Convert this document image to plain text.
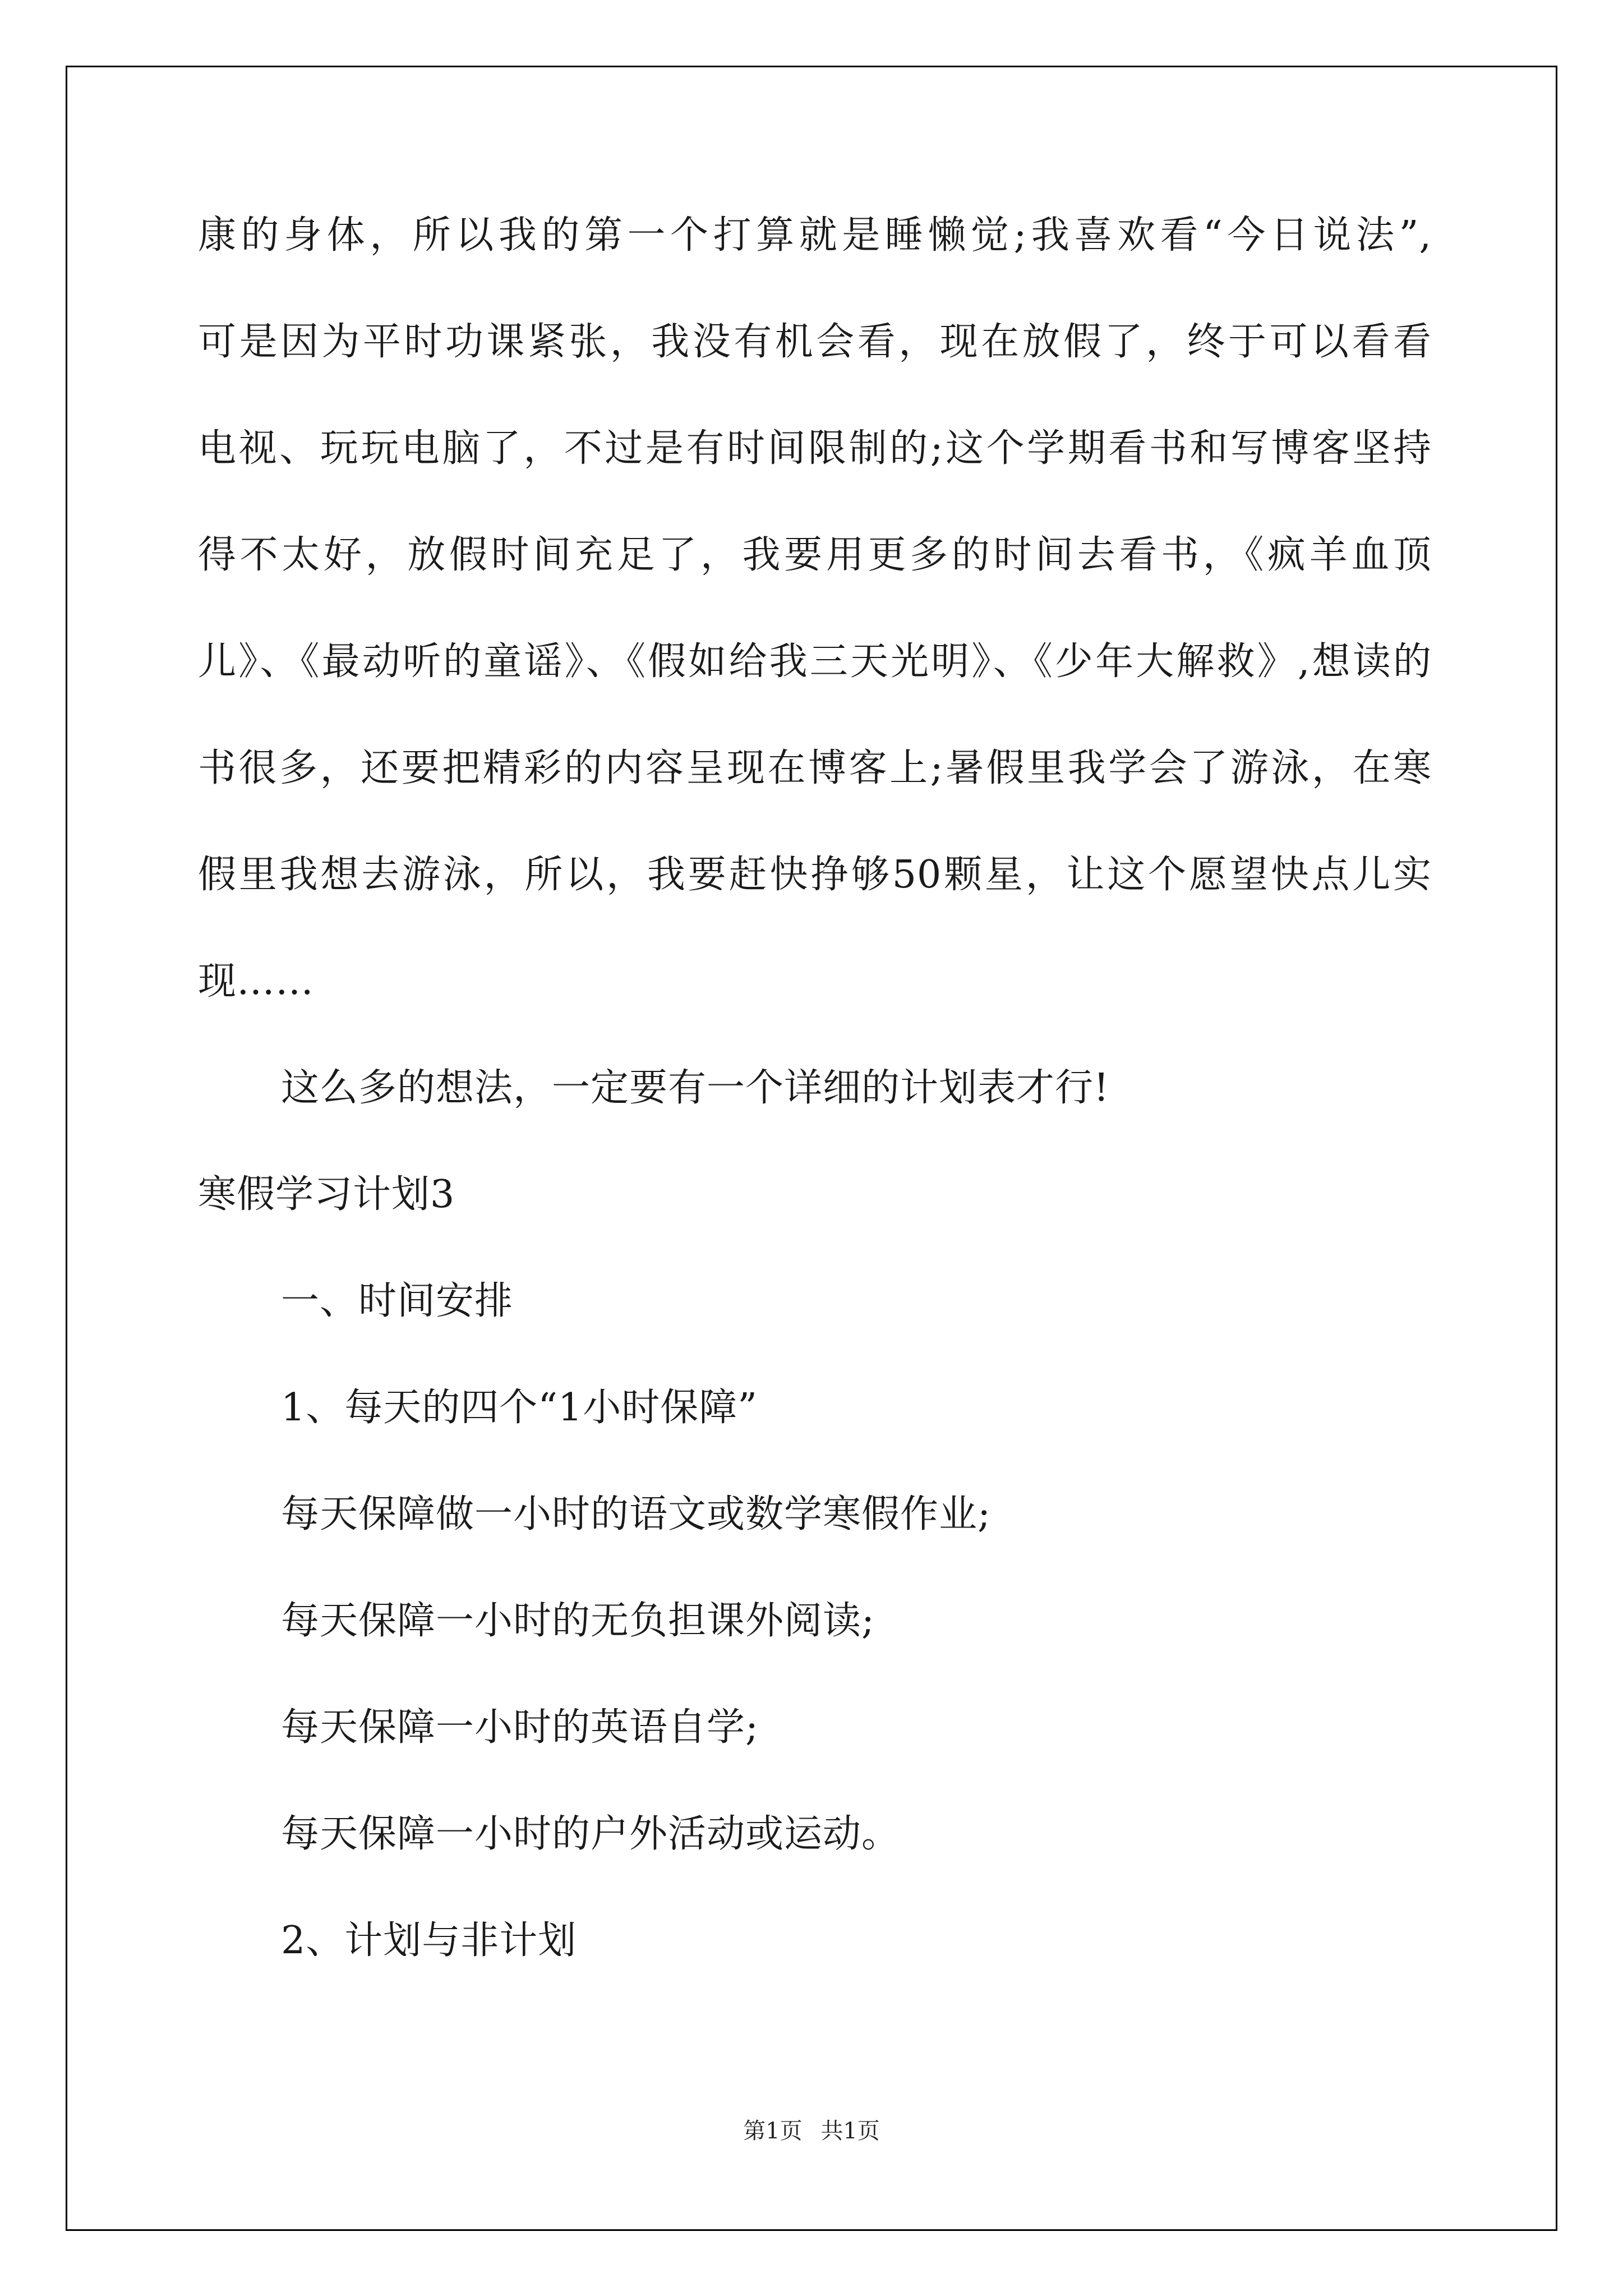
康的身体，所以我的第一个打算就是睡懒觉;我喜欢看“今日说法”,
可是因为平时功课紧张，我没有机会看，现在放假了，终于可以看看
电视、玩玩电脑了，不过是有时间限制的;这个学期看书和写博客坚持
得不太好，放假时间充足了，我要用更多的时间去看书，《疯羊血顶
儿》、《最动听的童谣》、《假如给我三天光明》、《少年大解救》,想读的
书很多，还要把精彩的内容呈现在博客上;暑假里我学会了游泳，在寒
假里我想去游泳，所以，我要赶快挣够50颗星，让这个愿望快点儿实
现……
这么多的想法，一定要有一个详细的计划表才行!
寒假学习计划3
一、时间安排
1、每天的四个“1小时保障”
每天保障做一小时的语文或数学寒假作业;
每天保障一小时的无负担课外阅读;
每天保障一小时的英语自学;
每天保障一小时的户外活动或运动。
2、计划与非计划
第1页 共1页
